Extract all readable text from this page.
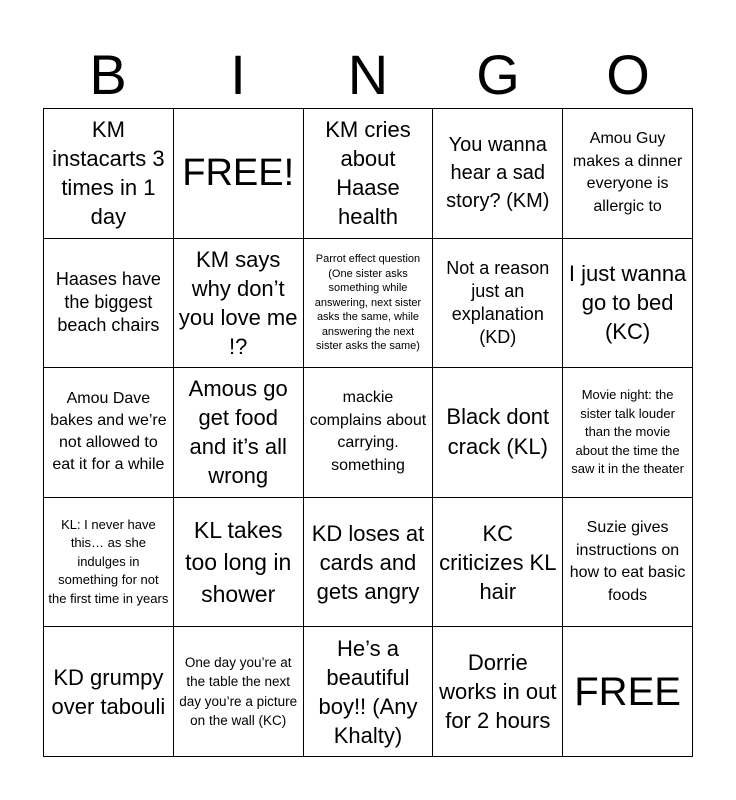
B	I	N	G	O
KM instacarts 3 times in 1 day
FREE!
KM cries about Haase health
You wanna hear a sad story? (KM)
Amou Guy makes a dinner everyone is allergic to
Haases have the biggest beach chairs
KM says why don’t you love me !?
Parrot effect question (One sister asks something while answering, next sister asks the same, while answering the next sister asks the same)
Not a reason just an explanation (KD)
I just wanna go to bed (KC)
Amou Dave bakes and we’re not allowed to eat it for a while
Amous go get food and it’s all wrong
mackie complains about carrying. something
Black dont crack (KL)
Movie night: the sister talk louder than the movie about the time the saw it in the theater
KL: I never have this… as she indulges in something for not the first time in years
KL takes too long in shower
KD loses at cards and gets angry
KC criticizes KL hair
Suzie gives instructions on how to eat basic foods
KD grumpy over tabouli
One day you’re at the table the next day you’re a picture on the wall (KC)
He’s a beautiful boy!! (Any Khalty)
Dorrie works in out for 2 hours
FREE
